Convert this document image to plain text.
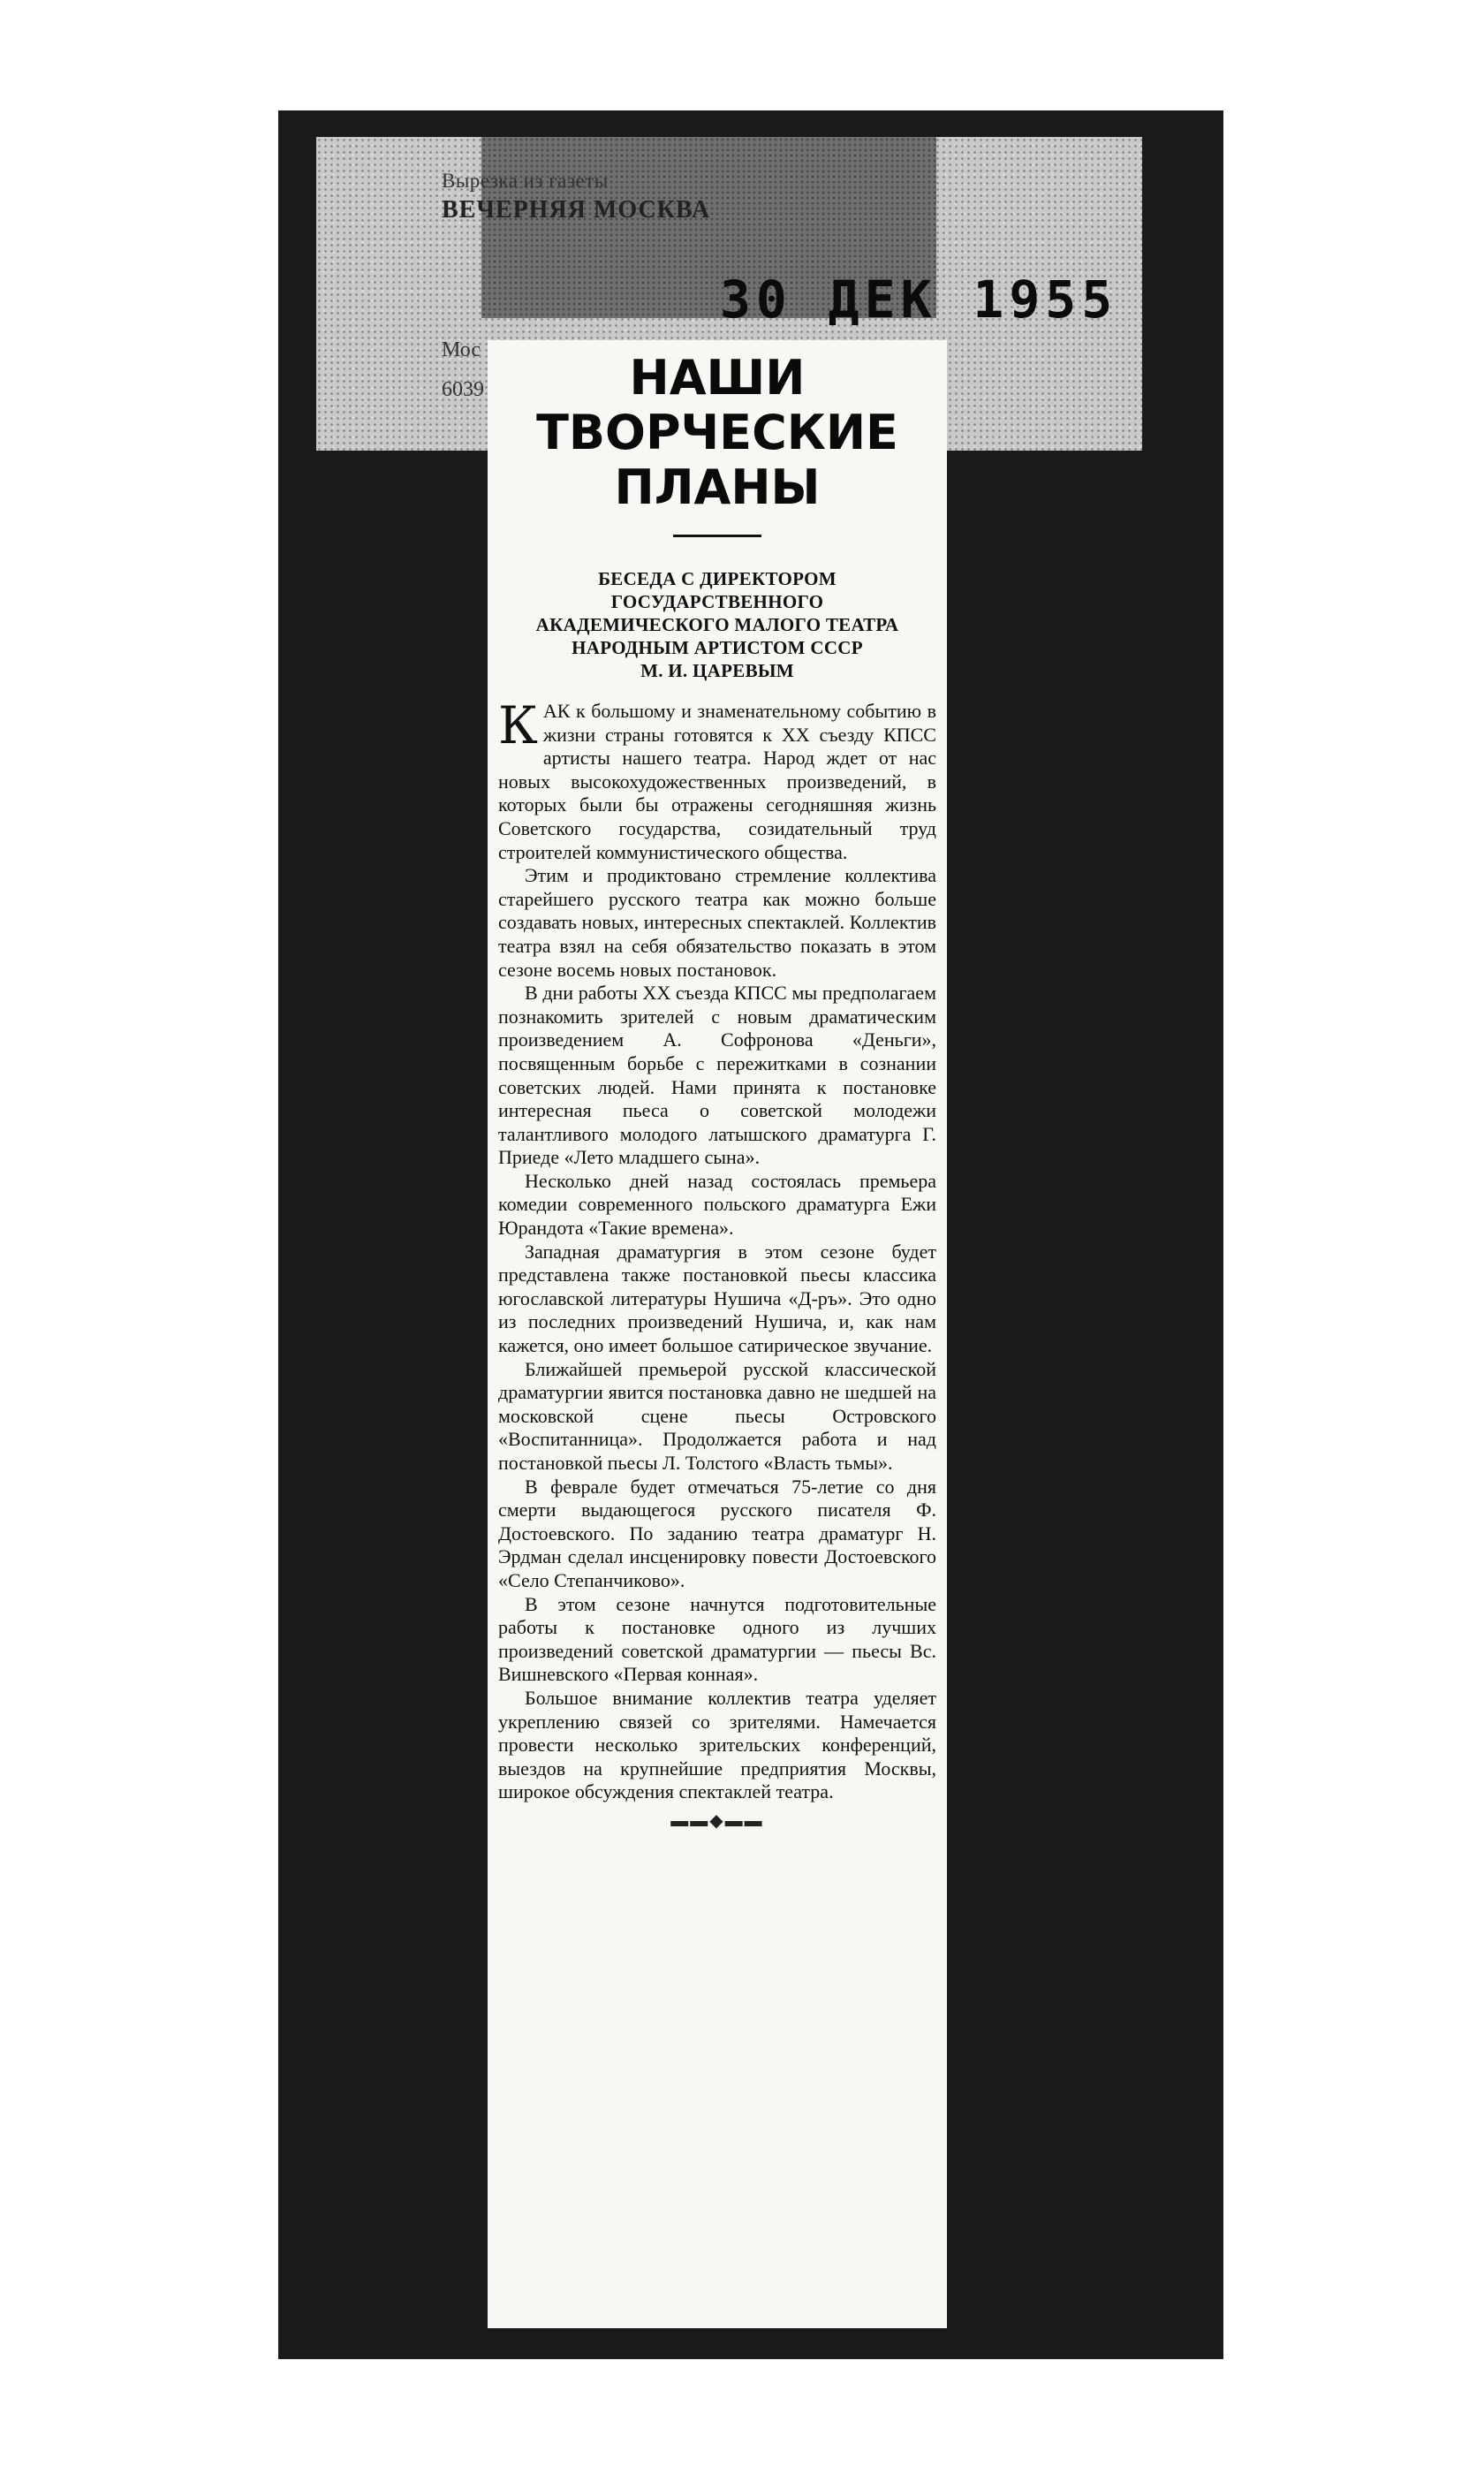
Вырезка из газеты
ВЕЧЕРНЯЯ МОСКВА
30 ДЕК 1955
Мос
6039	НАШИ ТВОРЧЕСКИЕ ПЛАНЫ
БЕСЕДА С ДИРЕКТОРОМ
ГОСУДАРСТВЕННОГО
АКАДЕМИЧЕСКОГО МАЛОГО ТЕАТРА
НАРОДНЫМ АРТИСТОМ СССР
М. И. ЦАРЕВЫМ

КАК к большому и знаменательному событию в жизни страны готовятся к XX съезду КПСС артисты нашего театра. Народ ждет от нас новых высокохудожественных произведений, в которых были бы отражены сегодняшняя жизнь Советского государства, созидательный труд строителей коммунистического общества.

Этим и продиктовано стремление коллектива старейшего русского театра как можно больше создавать новых, интересных спектаклей. Коллектив театра взял на себя обязательство показать в этом сезоне восемь новых постановок.

В дни работы XX съезда КПСС мы предполагаем познакомить зрителей с новым драматическим произведением А. Софронова «Деньги», посвященным борьбе с пережитками в сознании советских людей. Нами принята к постановке интересная пьеса о советской молодежи талантливого молодого латышского драматурга Г. Приеде «Лето младшего сына».

Несколько дней назад состоялась премьера комедии современного польского драматурга Ежи Юрандота «Такие времена».

Западная драматургия в этом сезоне будет представлена также постановкой пьесы классика югославской литературы Нушича «Д-ръ». Это одно из последних произведений Нушича, и, как нам кажется, оно имеет большое сатирическое звучание.

Ближайшей премьерой русской классической драматургии явится постановка давно не шедшей на московской сцене пьесы Островского «Воспитанница». Продолжается работа и над постановкой пьесы Л. Толстого «Власть тьмы».

В феврале будет отмечаться 75-летие со дня смерти выдающегося русского писателя Ф. Достоевского. По заданию театра драматург Н. Эрдман сделал инсценировку повести Достоевского «Село Степанчиково».

В этом сезоне начнутся подготовительные работы к постановке одного из лучших произведений советской драматургии — пьесы Вс. Вишневского «Первая конная».

Большое внимание коллектив театра уделяет укреплению связей со зрителями. Намечается провести несколько зрительских конференций, выездов на крупнейшие предприятия Москвы, широкое обсуждения спектаклей театра.

▬▬◆▬▬
